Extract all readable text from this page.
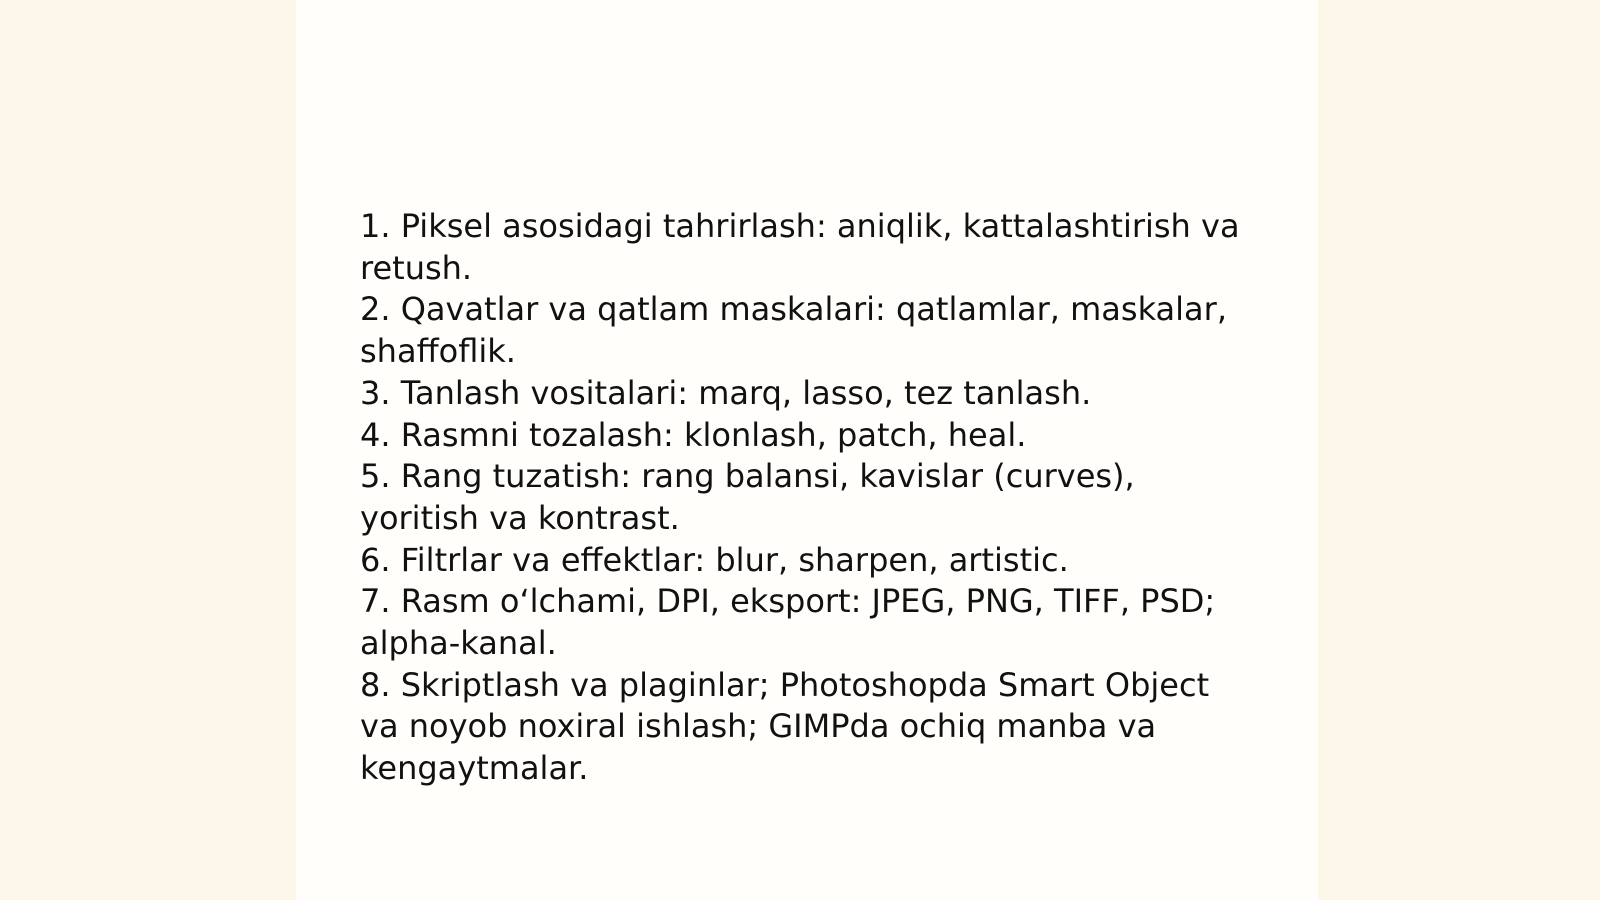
1. Piksel asosidagi tahrirlash: aniqlik, kattalashtirish va retush.

2. Qavatlar va qatlam maskalari: qatlamlar, maskalar, shaffoflik.

3. Tanlash vositalari: marq, lasso, tez tanlash.

4. Rasmni tozalash: klonlash, patch, heal.

5. Rang tuzatish: rang balansi, kavislar (curves), yoritish va kontrast.

6. Filtrlar va effektlar: blur, sharpen, artistic.

7. Rasm o‘lchami, DPI, eksport: JPEG, PNG, TIFF, PSD; alpha-kanal.

8. Skriptlash va plaginlar; Photoshopda Smart Object va noyob noxiral ishlash; GIMPda ochiq manba va kengaytmalar.
